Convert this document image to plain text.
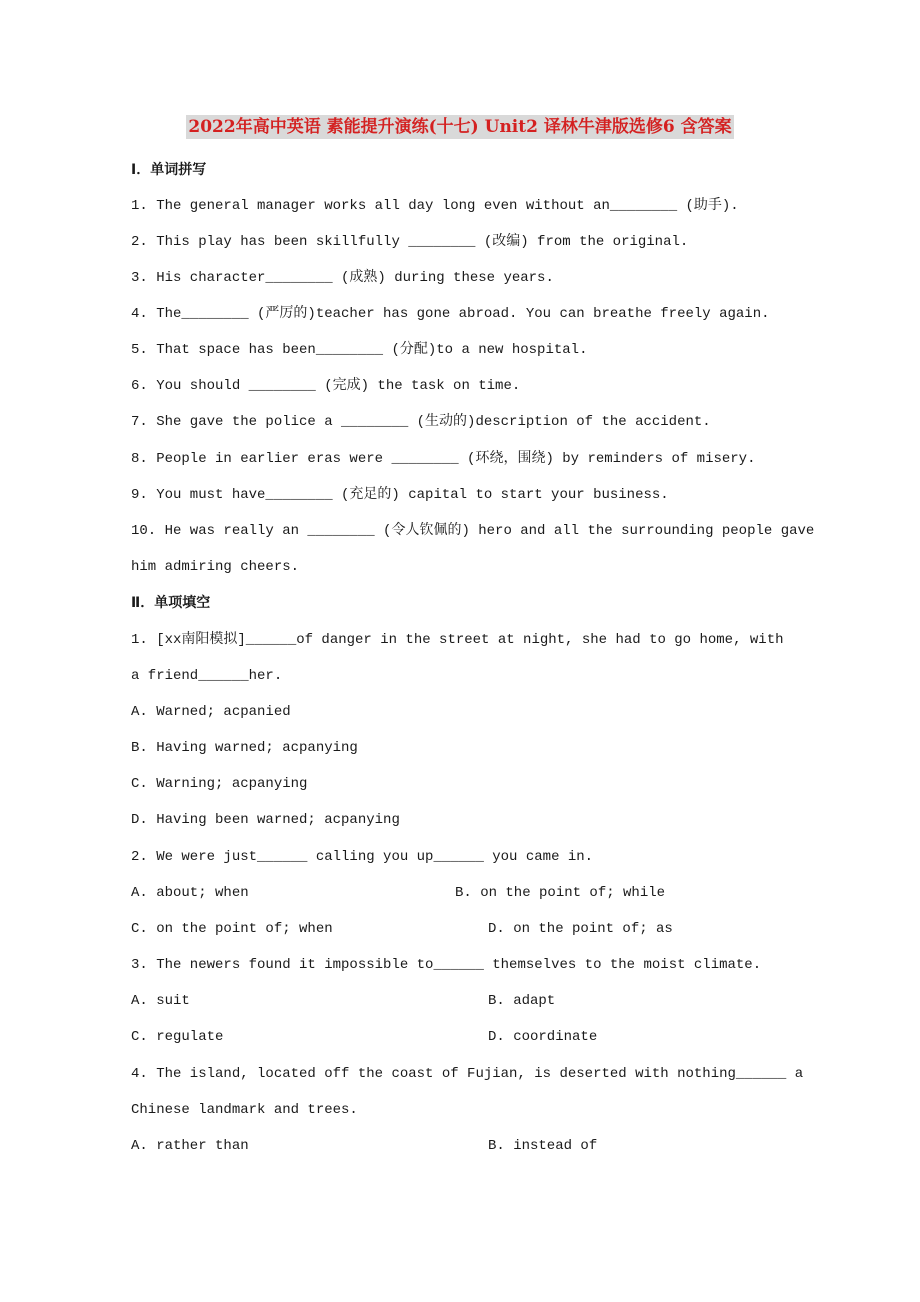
2022年高中英语 素能提升演练(十七) Unit2 译林牛津版选修6 含答案
Ⅰ．单词拼写
1. The general manager works all day long even without an________ (助手).
2. This play has been skillfully ________ (改编) from the original.
3. His character________ (成熟) during these years.
4. The________ (严厉的)teacher has gone abroad. You can breathe freely again.
5. That space has been________ (分配)to a new hospital.
6. You should ________ (完成) the task on time.
7. She gave the police a ________ (生动的)description of the accident.
8. People in earlier eras were ________ (环绕，围绕) by reminders of misery.
9. You must have________ (充足的) capital to start your business.
10. He was really an ________ (令人钦佩的) hero and all the surrounding people gave
him admiring cheers.
Ⅱ．单项填空
1. [xx南阳模拟]______of danger in the street at night, she had to go home, with
a friend______her.
A. Warned; acpanied
B. Having warned; acpanying
C. Warning; acpanying
D. Having been warned; acpanying
2. We were just______ calling you up______ you came in.
A. about; when	B. on the point of; while
C. on the point of; when	D. on the point of; as
3. The newers found it impossible to______ themselves to the moist climate.
A. suit	B. adapt
C. regulate	D. coordinate
4. The island, located off the coast of Fujian, is deserted with nothing______ a
Chinese landmark and trees.
A. rather than	B. instead of
